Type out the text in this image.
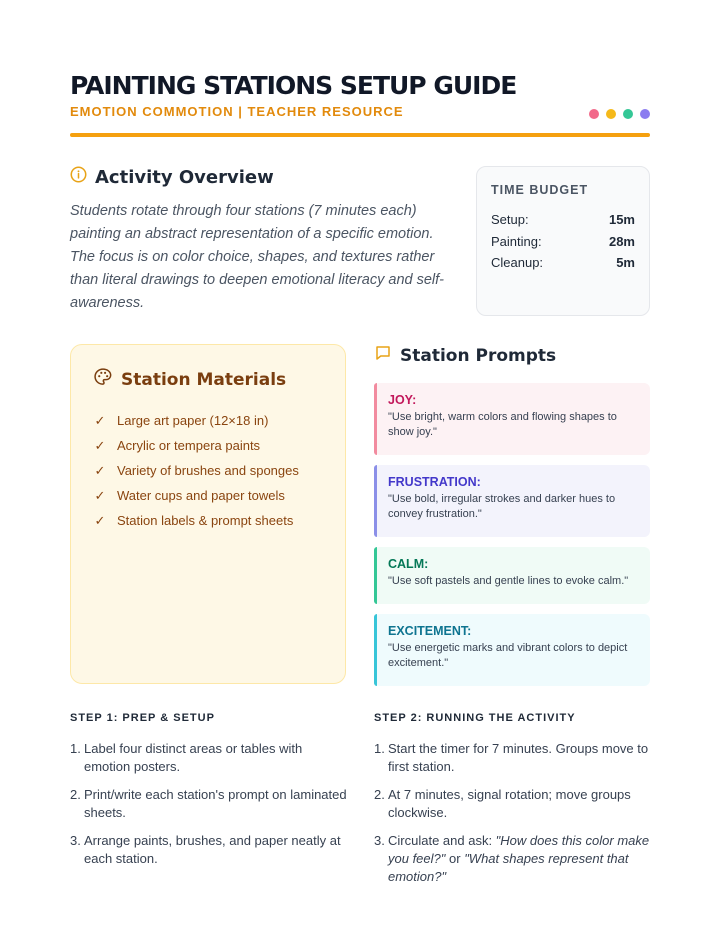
PAINTING STATIONS SETUP GUIDE
EMOTION COMMOTION | TEACHER RESOURCE
Activity Overview

Students rotate through four stations (7 minutes each) painting an abstract representation of a specific emotion. The focus is on color choice, shapes, and textures rather than literal drawings to deepen emotional literacy and self-awareness.

TIME BUDGET
Setup:	15m
Painting:	28m
Cleanup:	5m
Station Materials
✓ Large art paper (12×18 in)
✓ Acrylic or tempera paints
✓ Variety of brushes and sponges
✓ Water cups and paper towels
✓ Station labels & prompt sheets
Station Prompts
JOY:
"Use bright, warm colors and flowing shapes to show joy."
FRUSTRATION:
"Use bold, irregular strokes and darker hues to convey frustration."
CALM:
"Use soft pastels and gentle lines to evoke calm."
EXCITEMENT:
"Use energetic marks and vibrant colors to depict excitement."
STEP 1: PREP & SETUP
1. Label four distinct areas or tables with emotion posters.
2. Print/write each station's prompt on laminated sheets.
3. Arrange paints, brushes, and paper neatly at each station.
STEP 2: RUNNING THE ACTIVITY
1. Start the timer for 7 minutes. Groups move to first station.
2. At 7 minutes, signal rotation; move groups clockwise.
3. Circulate and ask: "How does this color make you feel?" or "What shapes represent that emotion?"
